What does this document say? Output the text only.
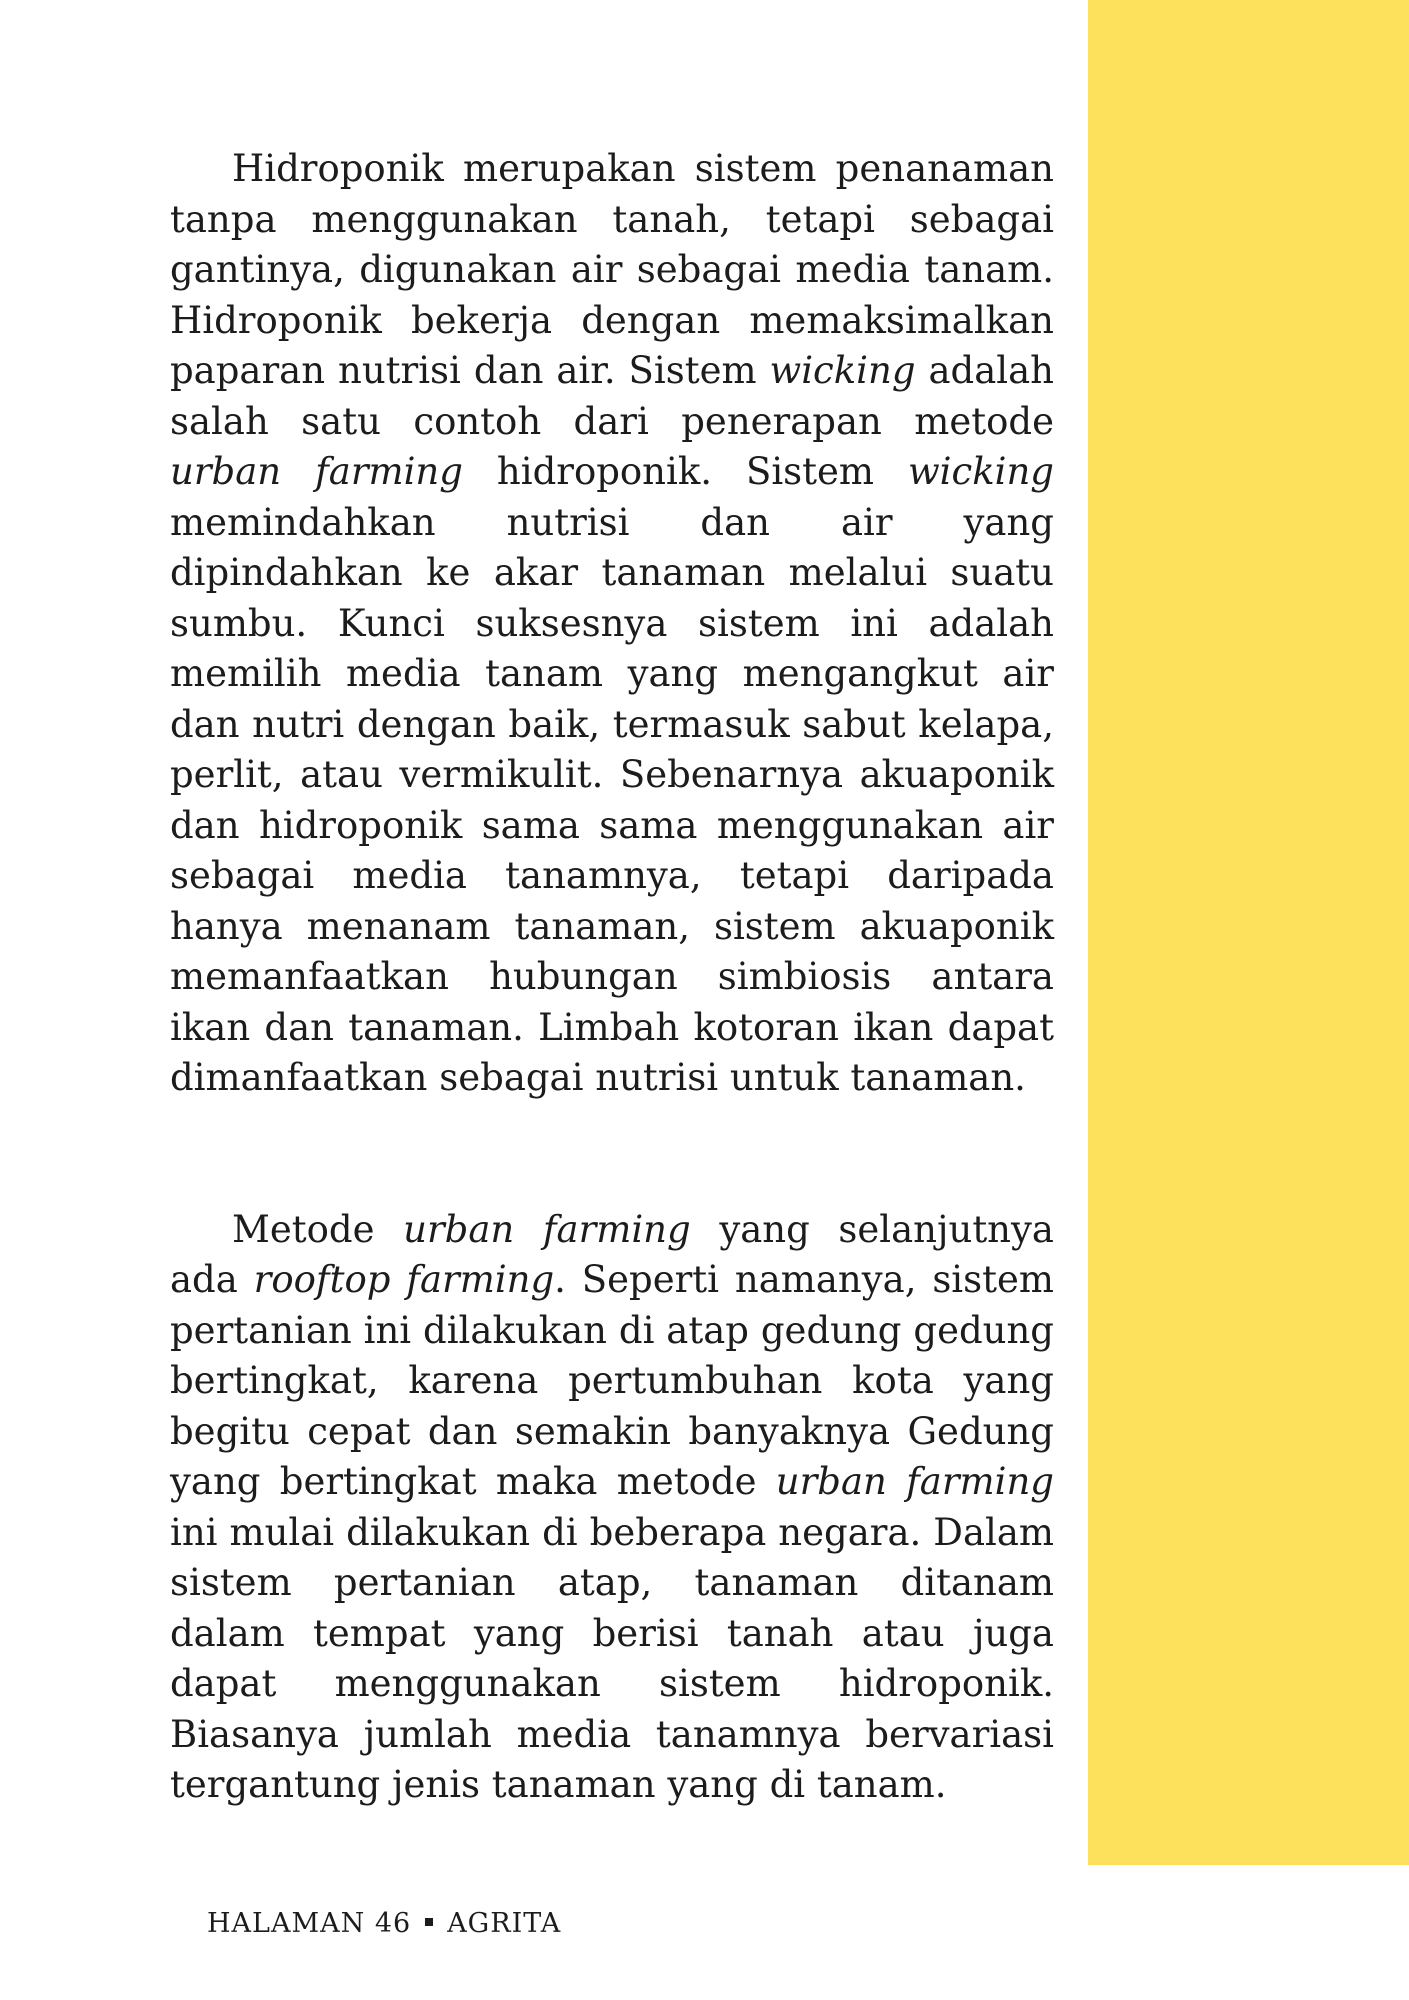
Hidroponik merupakan sistem penanaman tanpa menggunakan tanah, tetapi sebagai gantinya, digunakan air sebagai media tanam. Hidroponik bekerja dengan memaksimalkan paparan nutrisi dan air. Sistem wicking adalah salah satu contoh dari penerapan metode urban farming hidroponik. Sistem wicking memindahkan nutrisi dan air yang dipindahkan ke akar tanaman melalui suatu sumbu. Kunci suksesnya sistem ini adalah memilih media tanam yang mengangkut air dan nutri dengan baik, termasuk sabut kelapa, perlit, atau vermikulit. Sebenarnya akuaponik dan hidroponik sama sama menggunakan air sebagai media tanamnya, tetapi daripada hanya menanam tanaman, sistem akuaponik memanfaatkan hubungan simbiosis antara ikan dan tanaman. Limbah kotoran ikan dapat dimanfaatkan sebagai nutrisi untuk tanaman.

Metode urban farming yang selanjutnya ada rooftop farming. Seperti namanya, sistem pertanian ini dilakukan di atap gedung gedung bertingkat, karena pertumbuhan kota yang begitu cepat dan semakin banyaknya Gedung yang bertingkat maka metode urban farming ini mulai dilakukan di beberapa negara. Dalam sistem pertanian atap, tanaman ditanam dalam tempat yang berisi tanah atau juga dapat menggunakan sistem hidroponik. Biasanya jumlah media tanamnya bervariasi tergantung jenis tanaman yang di tanam.

HALAMAN 46 AGRITA
